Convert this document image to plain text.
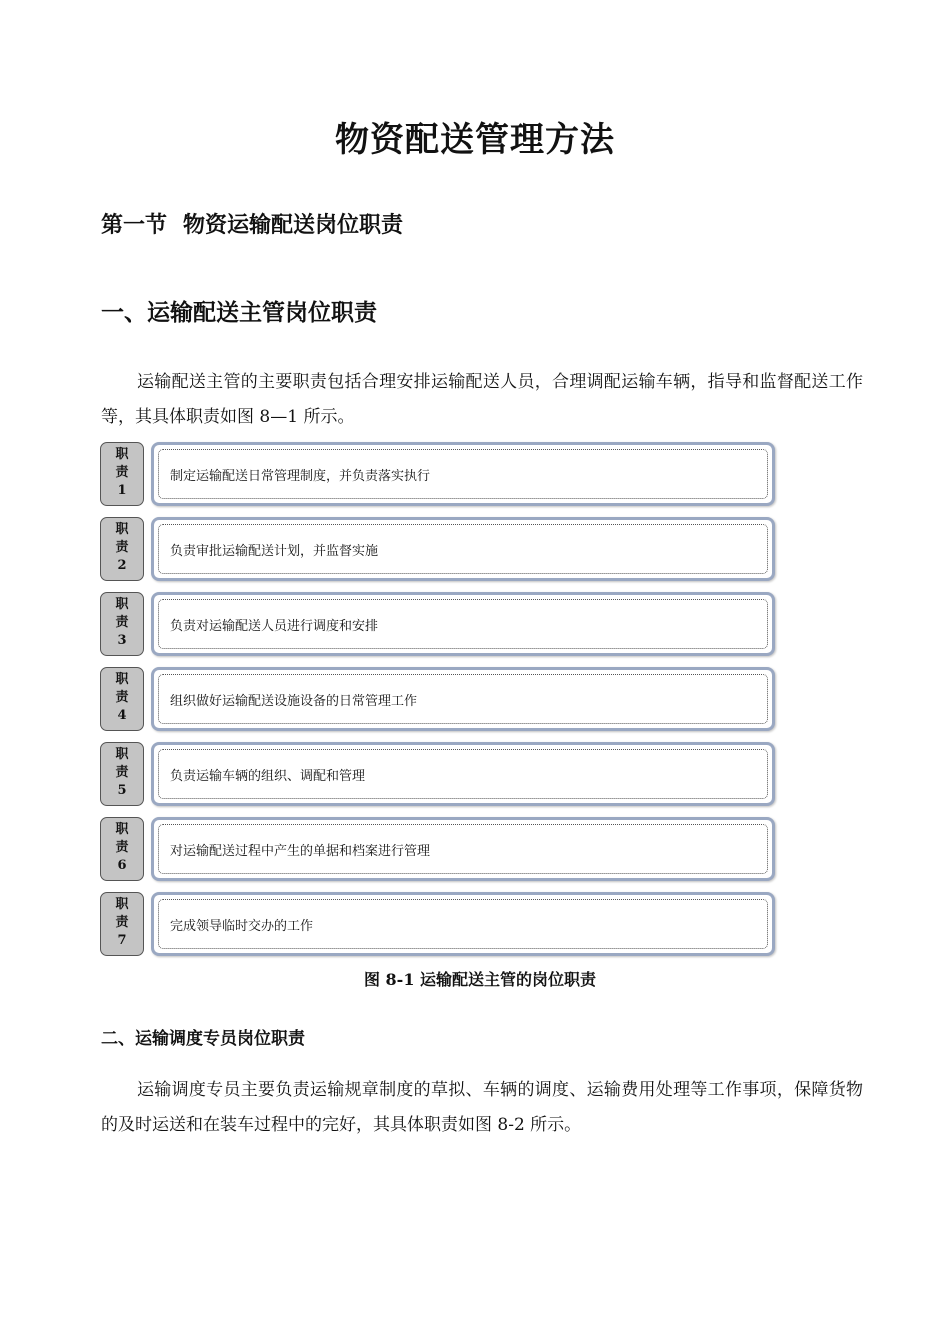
物资配送管理方法
第一节 物资运输配送岗位职责
一、运输配送主管岗位职责
运输配送主管的主要职责包括合理安排运输配送人员，合理调配运输车辆，指导和监督配送工作等，其具体职责如图 8—1 所示。
职
责
1
制定运输配送日常管理制度，并负责落实执行
职
责
2
负责审批运输配送计划，并监督实施
职
责
3
负责对运输配送人员进行调度和安排
职
责
4
组织做好运输配送设施设备的日常管理工作
职
责
5
负责运输车辆的组织、调配和管理
职
责
6
对运输配送过程中产生的单据和档案进行管理
职
责
7
完成领导临时交办的工作
图 8-1 运输配送主管的岗位职责
二、运输调度专员岗位职责
运输调度专员主要负责运输规章制度的草拟、车辆的调度、运输费用处理等工作事项，保障货物的及时运送和在装车过程中的完好，其具体职责如图 8-2 所示。
